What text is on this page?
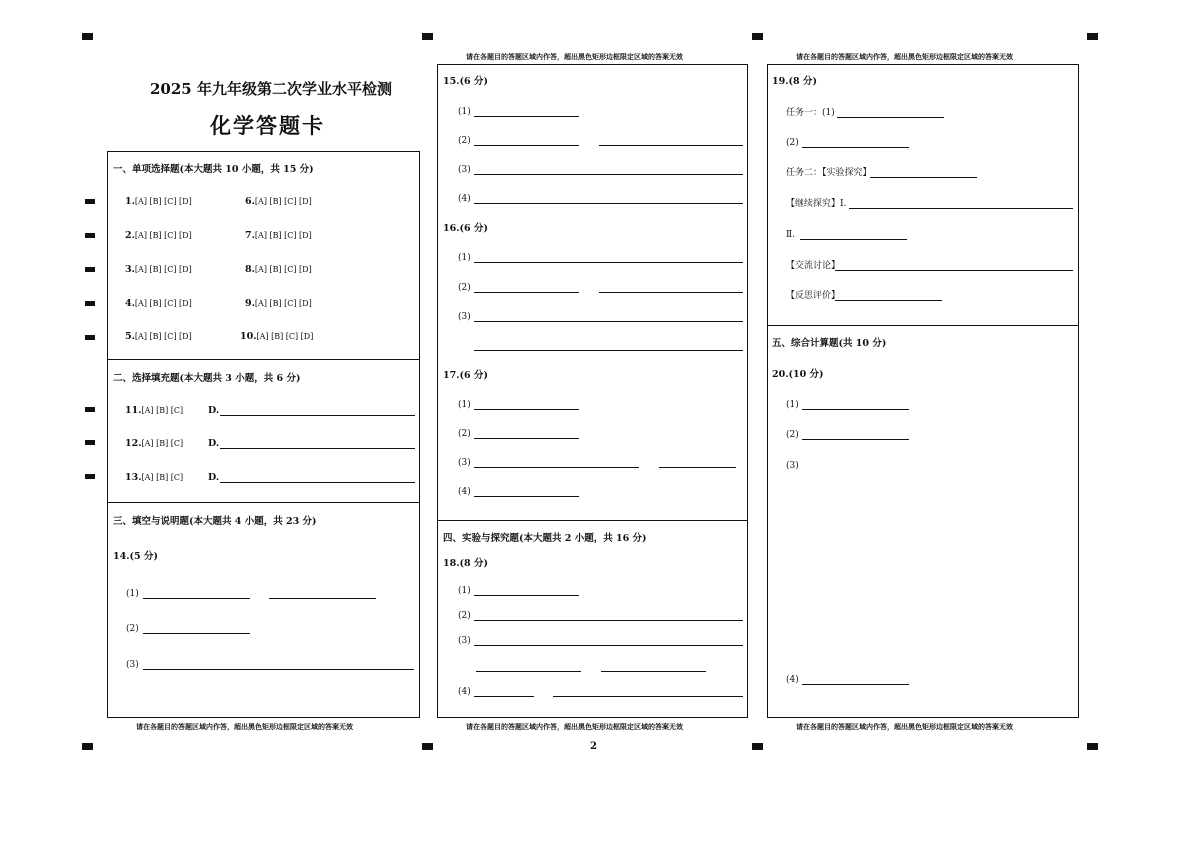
2025 年九年级第二次学业水平检测
化学答题卡
一、单项选择题(本大题共 10 小题，共 15 分)
1.[A] [B] [C] [D]
2.[A] [B] [C] [D]
3.[A] [B] [C] [D]
4.[A] [B] [C] [D]
5.[A] [B] [C] [D]
6.[A] [B] [C] [D]
7.[A] [B] [C] [D]
8.[A] [B] [C] [D]
9.[A] [B] [C] [D]
10.[A] [B] [C] [D]
二、选择填充题(本大题共 3 小题，共 6 分)
11.[A] [B] [C]	D.
12.[A] [B] [C]	D.
13.[A] [B] [C]	D.
三、填空与说明题(本大题共 4 小题，共 23 分)
14.(5 分)
(1)
(2)
(3)
请在各题目的答题区域内作答，超出黑色矩形边框限定区域的答案无效
请在各题目的答题区域内作答，超出黑色矩形边框限定区域的答案无效
15.(6 分)
(1)
(2)
(3)
(4)
16.(6 分)
(1)
(2)
(3)
17.(6 分)
(1)
(2)
(3)
(4)
四、实验与探究题(本大题共 2 小题，共 16 分)
18.(8 分)
(1)
(2)
(3)
(4)
请在各题目的答题区域内作答，超出黑色矩形边框限定区域的答案无效
2
请在各题目的答题区域内作答，超出黑色矩形边框限定区域的答案无效
19.(8 分)
任务一：(1)
(2)
任务二：【实验探究】
【继续探究】Ⅰ.
Ⅱ.
【交流讨论】
【反思评价】
五、综合计算题(共 10 分)
20.(10 分)
(1)
(2)
(3)
(4)
请在各题目的答题区域内作答，超出黑色矩形边框限定区域的答案无效
